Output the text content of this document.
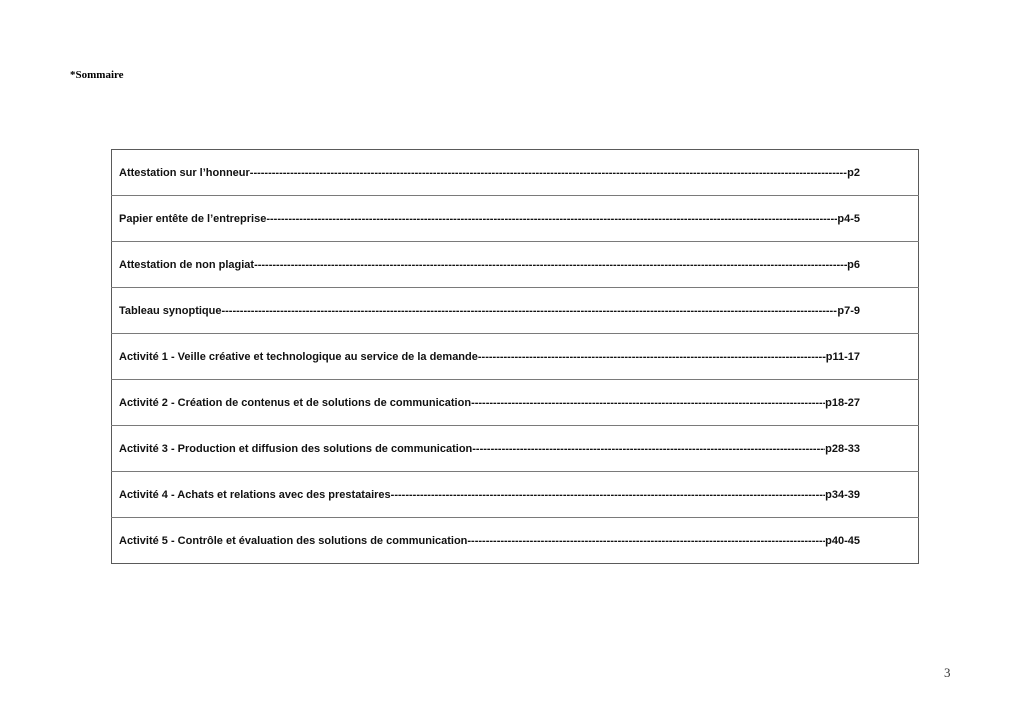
*Sommaire
Attestation sur l’honneur -----	p2

Papier entête de l’entreprise -----	p4-5

Attestation de non plagiat -----	p6

Tableau synoptique -----	p7-9

Activité 1 - Veille créative et technologique au service de la demande -----	p11-17

Activité 2 - Création de contenus et de solutions de communication -----	p18-27

Activité 3 - Production et diffusion des solutions de communication -----	p28-33

Activité 4 - Achats et relations avec des prestataires -----	p34-39

Activité 5 - Contrôle et évaluation des solutions de communication -----	p40-45
3
